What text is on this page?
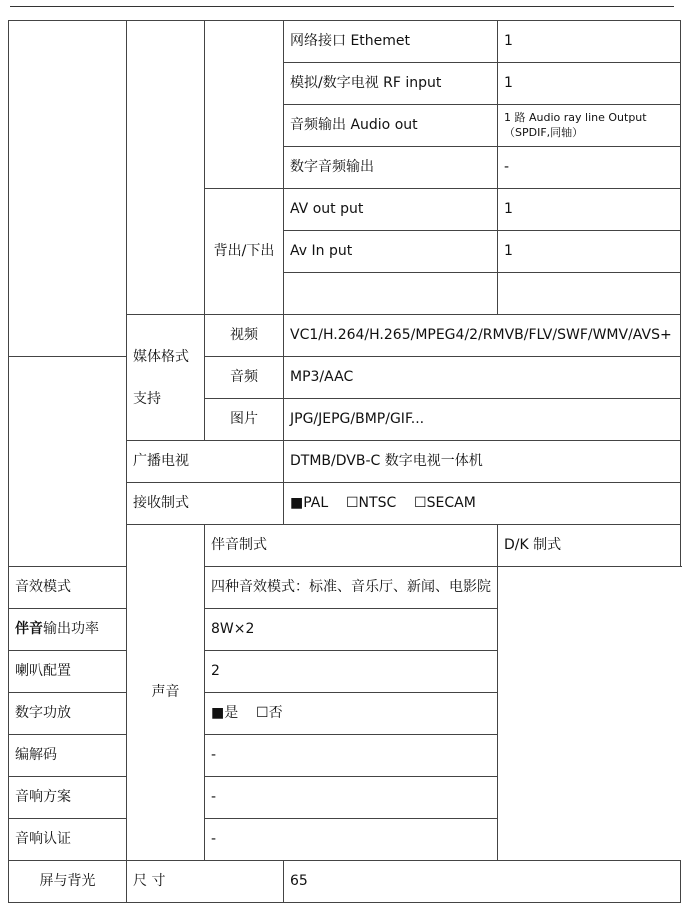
			网络接口 Ethemet	1
			模拟/数字电视 RF input	1
			音频输出 Audio out	1 路 Audio ray line Output
（SPDIF,同轴）

			数字音频输出	-
		背出/下出	AV out put	1
			Av In put	1

	媒体格式
支持	视频	VC1/H.264/H.265/MPEG4/2/RMVB/FLV/SWF/WMV/AVS+	
		音频	MP3/AAC	
		图片	JPG/JEPG/BMP/GIF...	
	广播电视		DTMB/DVB-C 数字电视一体机	
	接收制式		■PAL ☐NTSC ☐SECAM	
	声音	伴音制式		D/K 制式
音效模式		四种音效模式：标准、音乐厅、新闻、电影院		
伴音输出功率		8W×2		
喇叭配置		2		
数字功放		■是 ☐否		
编解码		-		
音响方案		-		
音响认证		-		
屏与背光	尺 寸		65	
